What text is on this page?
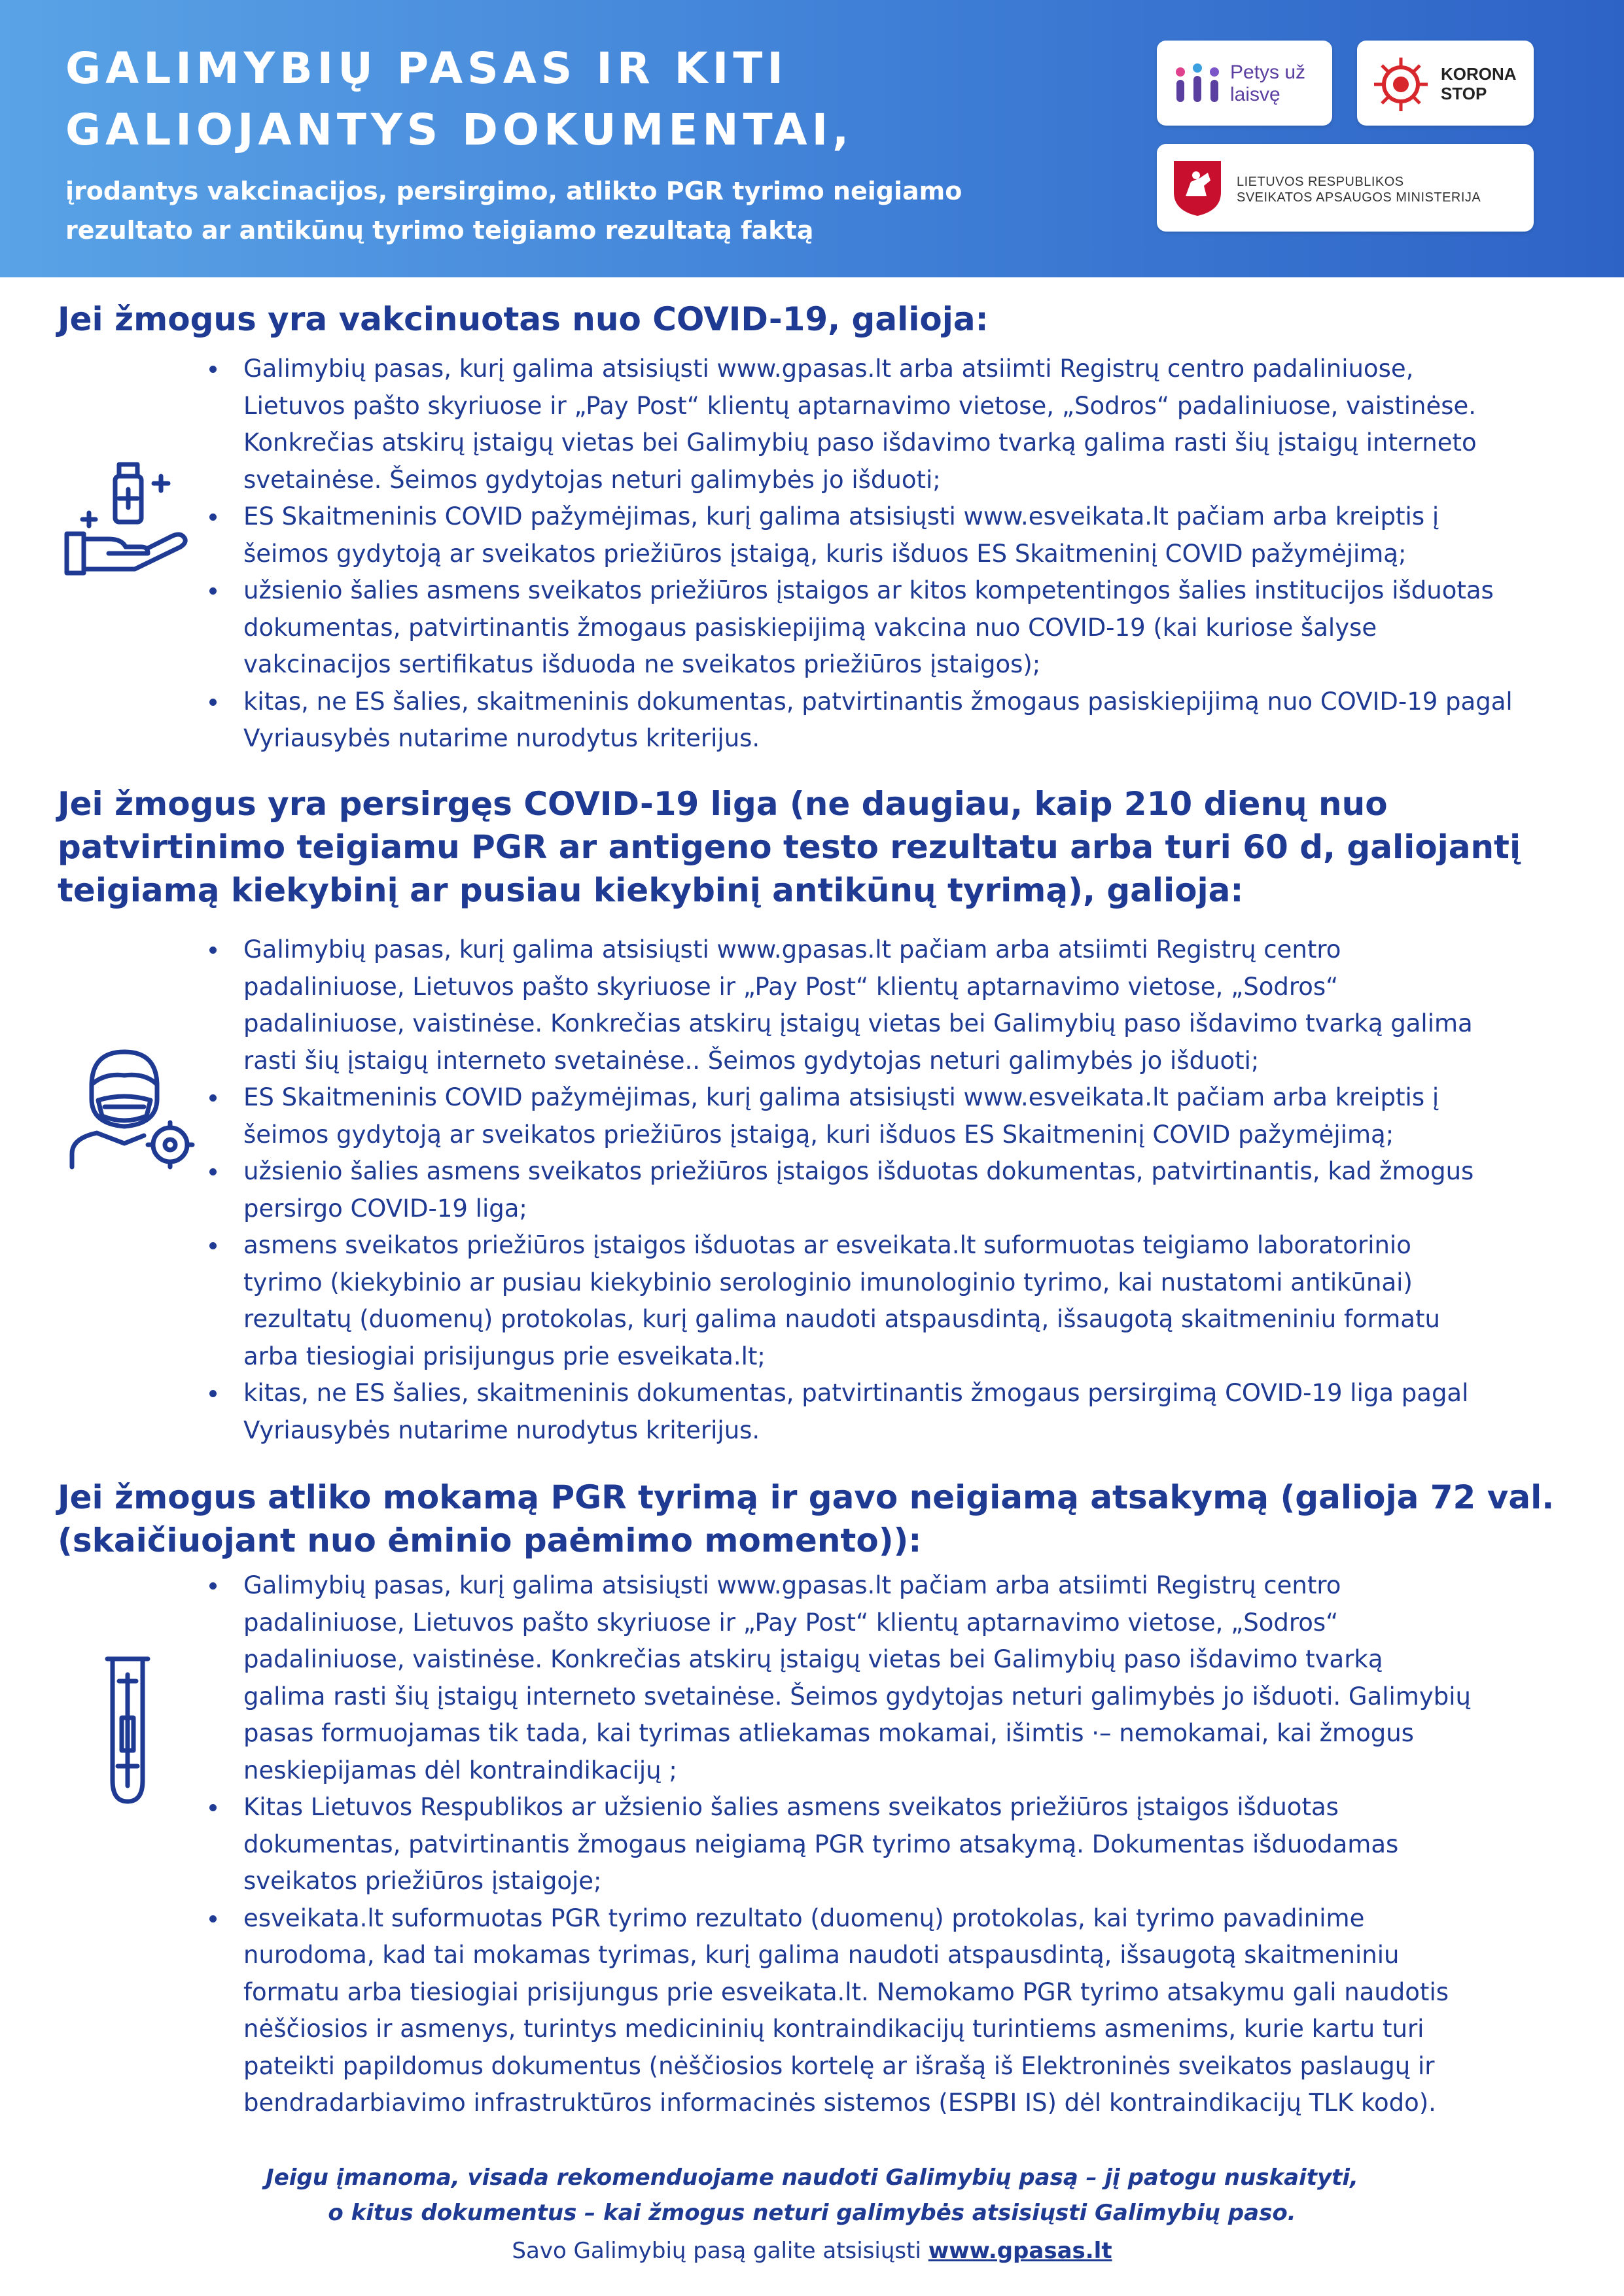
GALIMYBIŲ PASAS IR KITI
GALIOJANTYS DOKUMENTAI,
įrodantys vakcinacijos, persirgimo, atlikto PGR tyrimo neigiamo
rezultato ar antikūnų tyrimo teigiamo rezultatą faktą
Petys už
laisvę
KORONA
STOP
LIETUVOS RESPUBLIKOS
SVEIKATOS APSAUGOS MINISTERIJA
Jei žmogus yra vakcinuotas nuo COVID-19, galioja:
Galimybių pasas, kurį galima atsisiųsti www.gpasas.lt arba atsiimti Registrų centro padaliniuose,
Lietuvos pašto skyriuose ir „Pay Post“ klientų aptarnavimo vietose, „Sodros“ padaliniuose, vaistinėse.
Konkrečias atskirų įstaigų vietas bei Galimybių paso išdavimo tvarką galima rasti šių įstaigų interneto
svetainėse. Šeimos gydytojas neturi galimybės jo išduoti;
ES Skaitmeninis COVID pažymėjimas, kurį galima atsisiųsti www.esveikata.lt pačiam arba kreiptis į
šeimos gydytoją ar sveikatos priežiūros įstaigą, kuris išduos ES Skaitmeninį COVID pažymėjimą;
užsienio šalies asmens sveikatos priežiūros įstaigos ar kitos kompetentingos šalies institucijos išduotas
dokumentas, patvirtinantis žmogaus pasiskiepijimą vakcina nuo COVID-19 (kai kuriose šalyse
vakcinacijos sertifikatus išduoda ne sveikatos priežiūros įstaigos);
kitas, ne ES šalies, skaitmeninis dokumentas, patvirtinantis žmogaus pasiskiepijimą nuo COVID-19 pagal
Vyriausybės nutarime nurodytus kriterijus.
Jei žmogus yra persirgęs COVID-19 liga (ne daugiau, kaip 210 dienų nuo
patvirtinimo teigiamu PGR ar antigeno testo rezultatu arba turi 60 d, galiojantį
teigiamą kiekybinį ar pusiau kiekybinį antikūnų tyrimą), galioja:
Galimybių pasas, kurį galima atsisiųsti www.gpasas.lt pačiam arba atsiimti Registrų centro
padaliniuose, Lietuvos pašto skyriuose ir „Pay Post“ klientų aptarnavimo vietose, „Sodros“
padaliniuose, vaistinėse. Konkrečias atskirų įstaigų vietas bei Galimybių paso išdavimo tvarką galima
rasti šių įstaigų interneto svetainėse.. Šeimos gydytojas neturi galimybės jo išduoti;
ES Skaitmeninis COVID pažymėjimas, kurį galima atsisiųsti www.esveikata.lt pačiam arba kreiptis į
šeimos gydytoją ar sveikatos priežiūros įstaigą, kuri išduos ES Skaitmeninį COVID pažymėjimą;
užsienio šalies asmens sveikatos priežiūros įstaigos išduotas dokumentas, patvirtinantis, kad žmogus
persirgo COVID-19 liga;
asmens sveikatos priežiūros įstaigos išduotas ar esveikata.lt suformuotas teigiamo laboratorinio
tyrimo (kiekybinio ar pusiau kiekybinio serologinio imunologinio tyrimo, kai nustatomi antikūnai)
rezultatų (duomenų) protokolas, kurį galima naudoti atspausdintą, išsaugotą skaitmeniniu formatu
arba tiesiogiai prisijungus prie esveikata.lt;
kitas, ne ES šalies, skaitmeninis dokumentas, patvirtinantis žmogaus persirgimą COVID-19 liga pagal
Vyriausybės nutarime nurodytus kriterijus.
Jei žmogus atliko mokamą PGR tyrimą ir gavo neigiamą atsakymą (galioja 72 val.
(skaičiuojant nuo ėminio paėmimo momento)):
Galimybių pasas, kurį galima atsisiųsti www.gpasas.lt pačiam arba atsiimti Registrų centro
padaliniuose, Lietuvos pašto skyriuose ir „Pay Post“ klientų aptarnavimo vietose, „Sodros“
padaliniuose, vaistinėse. Konkrečias atskirų įstaigų vietas bei Galimybių paso išdavimo tvarką
galima rasti šių įstaigų interneto svetainėse. Šeimos gydytojas neturi galimybės jo išduoti. Galimybių
pasas formuojamas tik tada, kai tyrimas atliekamas mokamai, išimtis ·– nemokamai, kai žmogus
neskiepijamas dėl kontraindikacijų ;
Kitas Lietuvos Respublikos ar užsienio šalies asmens sveikatos priežiūros įstaigos išduotas
dokumentas, patvirtinantis žmogaus neigiamą PGR tyrimo atsakymą. Dokumentas išduodamas
sveikatos priežiūros įstaigoje;
esveikata.lt suformuotas PGR tyrimo rezultato (duomenų) protokolas, kai tyrimo pavadinime
nurodoma, kad tai mokamas tyrimas, kurį galima naudoti atspausdintą, išsaugotą skaitmeniniu
formatu arba tiesiogiai prisijungus prie esveikata.lt. Nemokamo PGR tyrimo atsakymu gali naudotis
nėščiosios ir asmenys, turintys medicininių kontraindikacijų turintiems asmenims, kurie kartu turi
pateikti papildomus dokumentus (nėščiosios kortelę ar išrašą iš Elektroninės sveikatos paslaugų ir
bendradarbiavimo infrastruktūros informacinės sistemos (ESPBI IS) dėl kontraindikacijų TLK kodo).
Jeigu įmanoma, visada rekomenduojame naudoti Galimybių pasą – jį patogu nuskaityti,
o kitus dokumentus – kai žmogus neturi galimybės atsisiųsti Galimybių paso.
Savo Galimybių pasą galite atsisiųsti www.gpasas.lt
